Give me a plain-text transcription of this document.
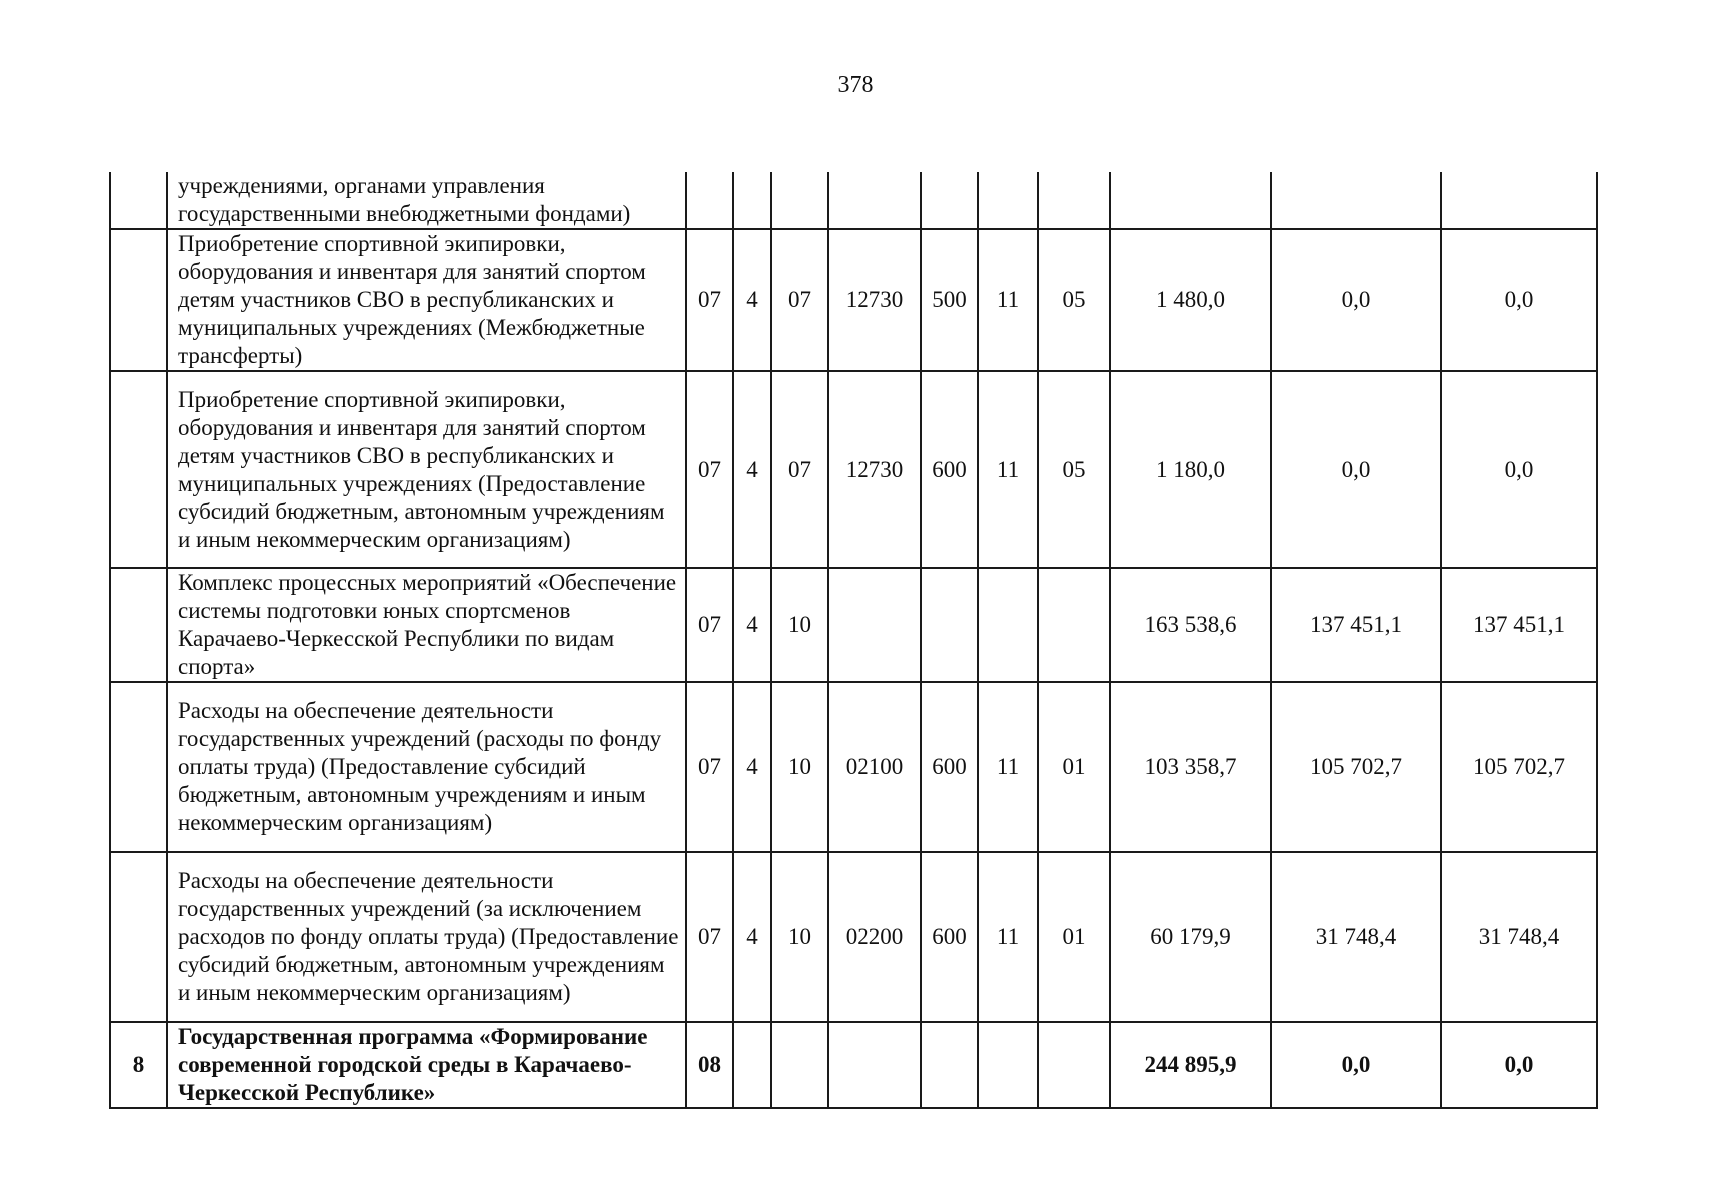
378
	учреждениями, органами управления государственными внебюджетными фондами)										
	Приобретение спортивной экипировки, оборудования и инвентаря для занятий спортом детям участников СВО в республиканских и муниципальных учреждениях (Межбюджетные трансферты)	07	4	07	12730	500	11	05	1 480,0	0,0	0,0
	Приобретение спортивной экипировки, оборудования и инвентаря для занятий спортом детям участников СВО в республиканских и муниципальных учреждениях (Предоставление субсидий бюджетным, автономным учреждениям и иным некоммерческим организациям)	07	4	07	12730	600	11	05	1 180,0	0,0	0,0
	Комплекс процессных мероприятий «Обеспечение системы подготовки юных спортсменов Карачаево-Черкесской Республики по видам спорта»	07	4	10					163 538,6	137 451,1	137 451,1
	Расходы на обеспечение деятельности государственных учреждений (расходы по фонду оплаты труда) (Предоставление субсидий бюджетным, автономным учреждениям и иным некоммерческим организациям)	07	4	10	02100	600	11	01	103 358,7	105 702,7	105 702,7
	Расходы на обеспечение деятельности государственных учреждений (за исключением расходов по фонду оплаты труда) (Предоставление субсидий бюджетным, автономным учреждениям и иным некоммерческим организациям)	07	4	10	02200	600	11	01	60 179,9	31 748,4	31 748,4
8	Государственная программа «Формирование современной городской среды в Карачаево-Черкесской Республике»	08							244 895,9	0,0	0,0
